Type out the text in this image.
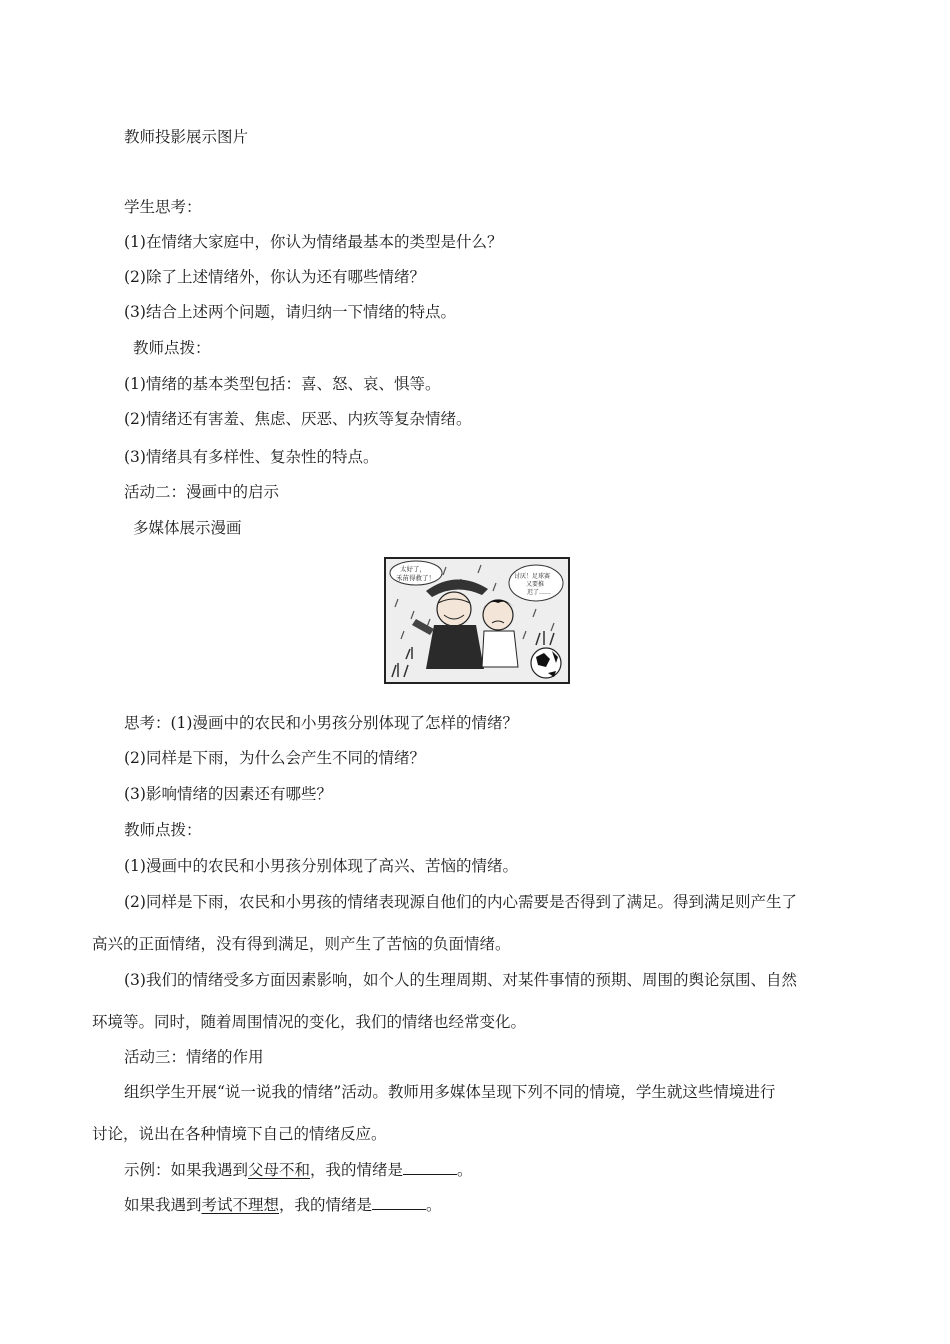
教师投影展示图片
学生思考：
(1)在情绪大家庭中，你认为情绪最基本的类型是什么？
(2)除了上述情绪外，你认为还有哪些情绪？
(3)结合上述两个问题，请归纳一下情绪的特点。
教师点拨：
(1)情绪的基本类型包括：喜、怒、哀、惧等。
(2)情绪还有害羞、焦虑、厌恶、内疚等复杂情绪。
(3)情绪具有多样性、复杂性的特点。
活动二：漫画中的启示
多媒体展示漫画
太好了，
禾苗得救了！	讨厌！足球赛
又要推
迟了……
思考：(1)漫画中的农民和小男孩分别体现了怎样的情绪？
(2)同样是下雨，为什么会产生不同的情绪？
(3)影响情绪的因素还有哪些？
教师点拨：
(1)漫画中的农民和小男孩分别体现了高兴、苦恼的情绪。
(2)同样是下雨，农民和小男孩的情绪表现源自他们的内心需要是否得到了满足。得到满足则产生了
高兴的正面情绪，没有得到满足，则产生了苦恼的负面情绪。
(3)我们的情绪受多方面因素影响，如个人的生理周期、对某件事情的预期、周围的舆论氛围、自然
环境等。同时，随着周围情况的变化，我们的情绪也经常变化。
活动三：情绪的作用
组织学生开展“说一说我的情绪”活动。教师用多媒体呈现下列不同的情境，学生就这些情境进行
讨论，说出在各种情境下自己的情绪反应。
示例：如果我遇到父母不和，我的情绪是	。
如果我遇到考试不理想，我的情绪是	。
